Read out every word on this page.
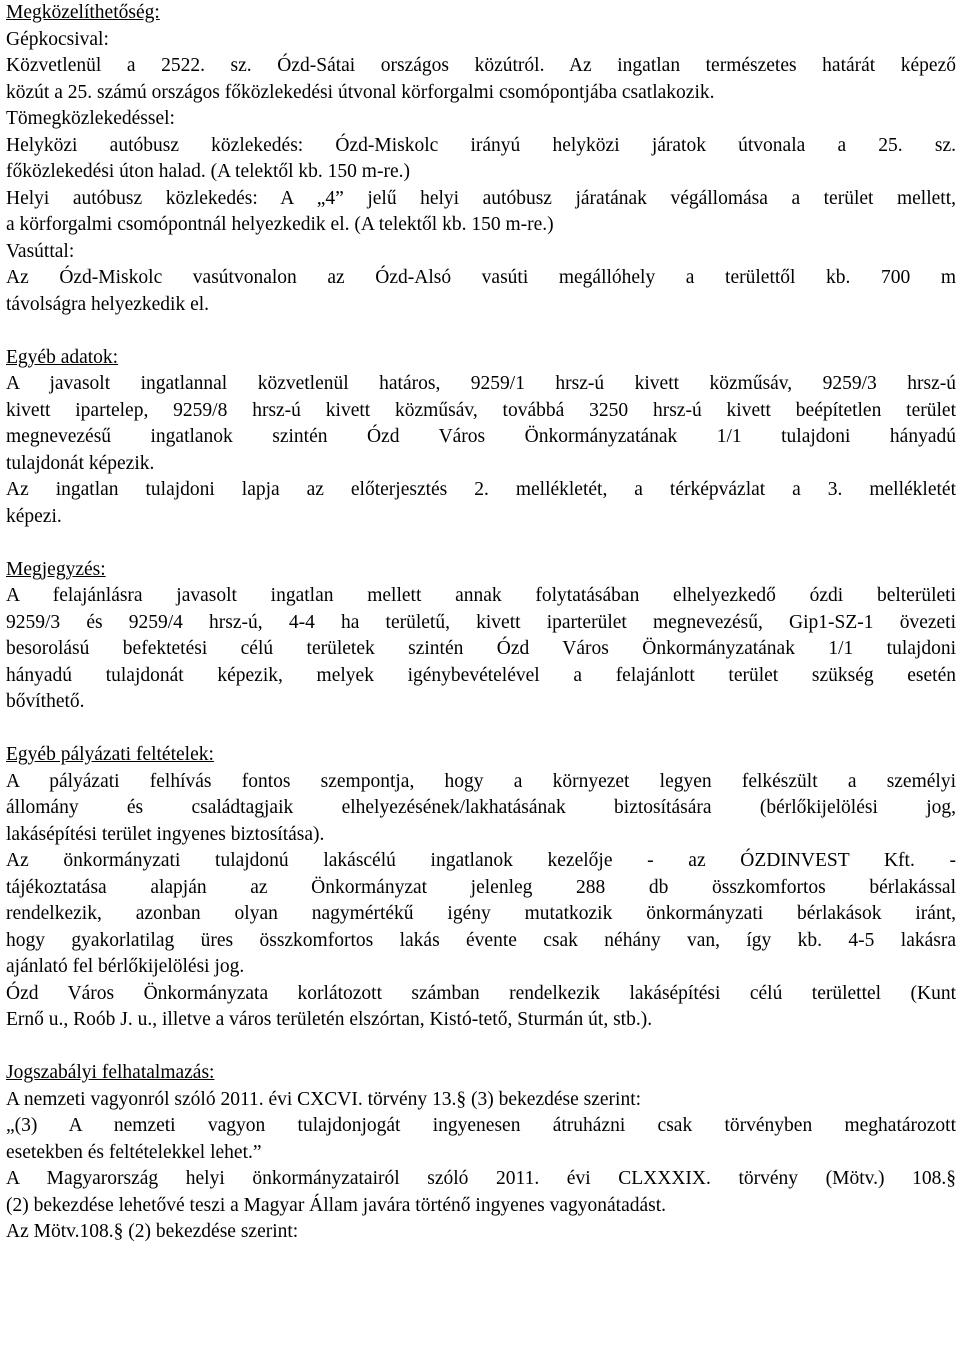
Megközelíthetőség:
Gépkocsival:
Közvetlenül a 2522. sz. Ózd-Sátai országos közútról. Az ingatlan természetes határát képező
közút a 25. számú országos főközlekedési útvonal körforgalmi csomópontjába csatlakozik.
Tömegközlekedéssel:
Helyközi autóbusz közlekedés: Ózd-Miskolc irányú helyközi járatok útvonala a 25. sz.
főközlekedési úton halad. (A telektől kb. 150 m-re.)
Helyi autóbusz közlekedés: A „4” jelű helyi autóbusz járatának végállomása a terület mellett,
a körforgalmi csomópontnál helyezkedik el. (A telektől kb. 150 m-re.)
Vasúttal:
Az Ózd-Miskolc vasútvonalon az Ózd-Alsó vasúti megállóhely a területtől kb. 700 m
távolságra helyezkedik el.
Egyéb adatok:
A javasolt ingatlannal közvetlenül határos, 9259/1 hrsz-ú kivett közműsáv, 9259/3 hrsz-ú
kivett ipartelep, 9259/8 hrsz-ú kivett közműsáv, továbbá 3250 hrsz-ú kivett beépítetlen terület
megnevezésű ingatlanok szintén Ózd Város Önkormányzatának 1/1 tulajdoni hányadú
tulajdonát képezik.
Az ingatlan tulajdoni lapja az előterjesztés 2. mellékletét, a térképvázlat a 3. mellékletét
képezi.
Megjegyzés:
A felajánlásra javasolt ingatlan mellett annak folytatásában elhelyezkedő ózdi belterületi
9259/3 és 9259/4 hrsz-ú, 4-4 ha területű, kivett iparterület megnevezésű, Gip1-SZ-1 övezeti
besorolású befektetési célú területek szintén Ózd Város Önkormányzatának 1/1 tulajdoni
hányadú tulajdonát képezik, melyek igénybevételével a felajánlott terület szükség esetén
bővíthető.
Egyéb pályázati feltételek:
A pályázati felhívás fontos szempontja, hogy a környezet legyen felkészült a személyi
állomány és családtagjaik elhelyezésének/lakhatásának biztosítására (bérlőkijelölési jog,
lakásépítési terület ingyenes biztosítása).
Az önkormányzati tulajdonú lakáscélú ingatlanok kezelője - az ÓZDINVEST Kft. -
tájékoztatása alapján az Önkormányzat jelenleg 288 db összkomfortos bérlakással
rendelkezik, azonban olyan nagymértékű igény mutatkozik önkormányzati bérlakások iránt,
hogy gyakorlatilag üres összkomfortos lakás évente csak néhány van, így kb. 4-5 lakásra
ajánlató fel bérlőkijelölési jog.
Ózd Város Önkormányzata korlátozott számban rendelkezik lakásépítési célú területtel (Kunt
Ernő u., Roób J. u., illetve a város területén elszórtan, Kistó-tető, Sturmán út, stb.).
Jogszabályi felhatalmazás:
A nemzeti vagyonról szóló 2011. évi CXCVI. törvény 13.§ (3) bekezdése szerint:
„(3) A nemzeti vagyon tulajdonjogát ingyenesen átruházni csak törvényben meghatározott
esetekben és feltételekkel lehet.”
A Magyarország helyi önkormányzatairól szóló 2011. évi CLXXXIX. törvény (Mötv.) 108.§
(2) bekezdése lehetővé teszi a Magyar Állam javára történő ingyenes vagyonátadást.
Az Mötv.108.§ (2) bekezdése szerint:
